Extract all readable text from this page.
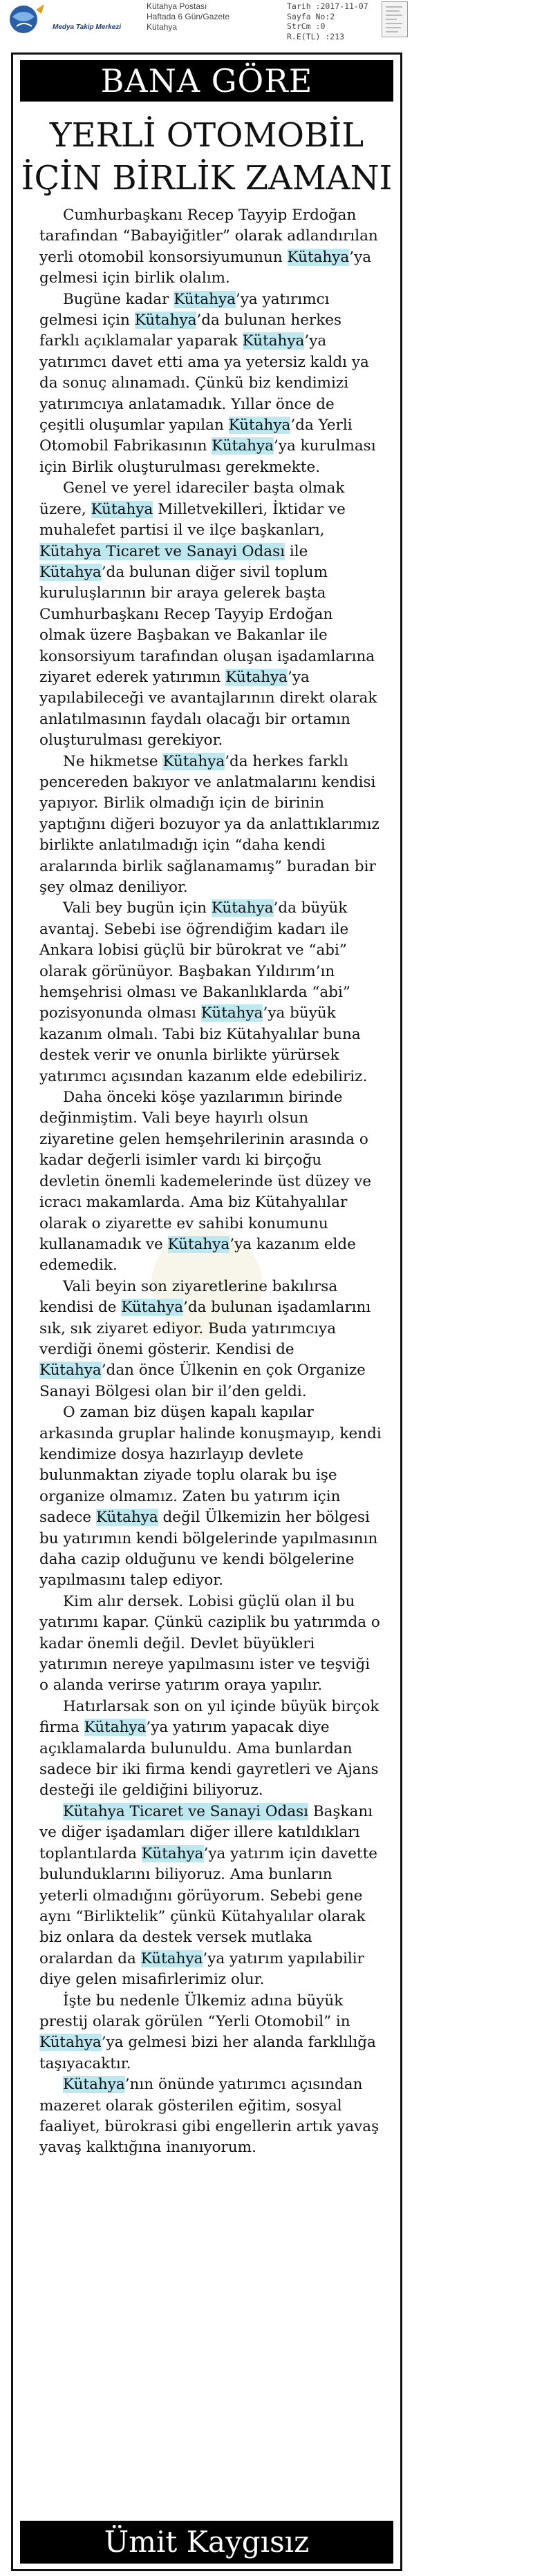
Medya Takip Merkezi
Kütahya Postası
Haftada 6 Gün/Gazete
Kütahya
Tarih :2017-11-07
Sayfa No:2
StrCm :0
R.E(TL) :213
BANA GÖRE
YERLİ OTOMOBİL
İÇİN BİRLİK ZAMANI

Cumhurbaşkanı Recep Tayyip Erdoğan tarafından “Babayiğitler” olarak adlandırılan yerli otomobil konsorsiyumunun Kütahya’ya gelmesi için birlik olalım.

Bugüne kadar Kütahya’ya yatırımcı gelmesi için Kütahya’da bulunan herkes farklı açıklamalar yaparak Kütahya’ya yatırımcı davet etti ama ya yetersiz kaldı ya da sonuç alınamadı. Çünkü biz kendimizi yatırımcıya anlatamadık. Yıllar önce de çeşitli oluşumlar yapılan Kütahya’da Yerli Otomobil Fabrikasının Kütahya’ya kurulması için Birlik oluşturulması gerekmekte.

Genel ve yerel idareciler başta olmak üzere, Kütahya Milletvekilleri, İktidar ve muhalefet partisi il ve ilçe başkanları, Kütahya Ticaret ve Sanayi Odası ile Kütahya’da bulunan diğer sivil toplum kuruluşlarının bir araya gelerek başta Cumhurbaşkanı Recep Tayyip Erdoğan olmak üzere Başbakan ve Bakanlar ile konsorsiyum tarafından oluşan işadamlarına ziyaret ederek yatırımın Kütahya’ya yapılabileceği ve avantajlarının direkt olarak anlatılmasının faydalı olacağı bir ortamın oluşturulması gerekiyor.

Ne hikmetse Kütahya’da herkes farklı pencereden bakıyor ve anlatmalarını kendisi yapıyor. Birlik olmadığı için de birinin yaptığını diğeri bozuyor ya da anlattıklarımız birlikte anlatılmadığı için “daha kendi aralarında birlik sağlanamamış” buradan bir şey olmaz deniliyor.

Vali bey bugün için Kütahya’da büyük avantaj. Sebebi ise öğrendiğim kadarı ile Ankara lobisi güçlü bir bürokrat ve “abi” olarak görünüyor. Başbakan Yıldırım’ın hemşehrisi olması ve Bakanlıklarda “abi” pozisyonunda olması Kütahya’ya büyük kazanım olmalı. Tabi biz Kütahyalılar buna destek verir ve onunla birlikte yürürsek yatırımcı açısından kazanım elde edebiliriz.

Daha önceki köşe yazılarımın birinde değinmiştim. Vali beye hayırlı olsun ziyaretine gelen hemşehrilerinin arasında o kadar değerli isimler vardı ki birçoğu devletin önemli kademelerinde üst düzey ve icracı makamlarda. Ama biz Kütahyalılar olarak o ziyarette ev sahibi konumunu kullanamadık ve Kütahya’ya kazanım elde edemedik.

Vali beyin son ziyaretlerine bakılırsa kendisi de Kütahya’da bulunan işadamlarını sık, sık ziyaret ediyor. Buda yatırımcıya verdiği önemi gösterir. Kendisi de Kütahya’dan önce Ülkenin en çok Organize Sanayi Bölgesi olan bir il’den geldi.

O zaman biz düşen kapalı kapılar arkasında gruplar halinde konuşmayıp, kendi kendimize dosya hazırlayıp devlete bulunmaktan ziyade toplu olarak bu işe organize olmamız. Zaten bu yatırım için sadece Kütahya değil Ülkemizin her bölgesi bu yatırımın kendi bölgelerinde yapılmasının daha cazip olduğunu ve kendi bölgelerine yapılmasını talep ediyor.

Kim alır dersek. Lobisi güçlü olan il bu yatırımı kapar. Çünkü caziplik bu yatırımda o kadar önemli değil. Devlet büyükleri yatırımın nereye yapılmasını ister ve teşviği o alanda verirse yatırım oraya yapılır.

Hatırlarsak son on yıl içinde büyük birçok firma Kütahya’ya yatırım yapacak diye açıklamalarda bulunuldu. Ama bunlardan sadece bir iki firma kendi gayretleri ve Ajans desteği ile geldiğini biliyoruz.

Kütahya Ticaret ve Sanayi Odası Başkanı ve diğer işadamları diğer illere katıldıkları toplantılarda Kütahya’ya yatırım için davette bulunduklarını biliyoruz. Ama bunların yeterli olmadığını görüyorum. Sebebi gene aynı “Birliktelik” çünkü Kütahyalılar olarak biz onlara da destek versek mutlaka oralardan da Kütahya’ya yatırım yapılabilir diye gelen misafirlerimiz olur.

İşte bu nedenle Ülkemiz adına büyük prestij olarak görülen “Yerli Otomobil” in Kütahya’ya gelmesi bizi her alanda farklılığa taşıyacaktır.

Kütahya’nın önünde yatırımcı açısından mazeret olarak gösterilen eğitim, sosyal faaliyet, bürokrasi gibi engellerin artık yavaş yavaş kalktığına inanıyorum.

Ümit Kaygısız
